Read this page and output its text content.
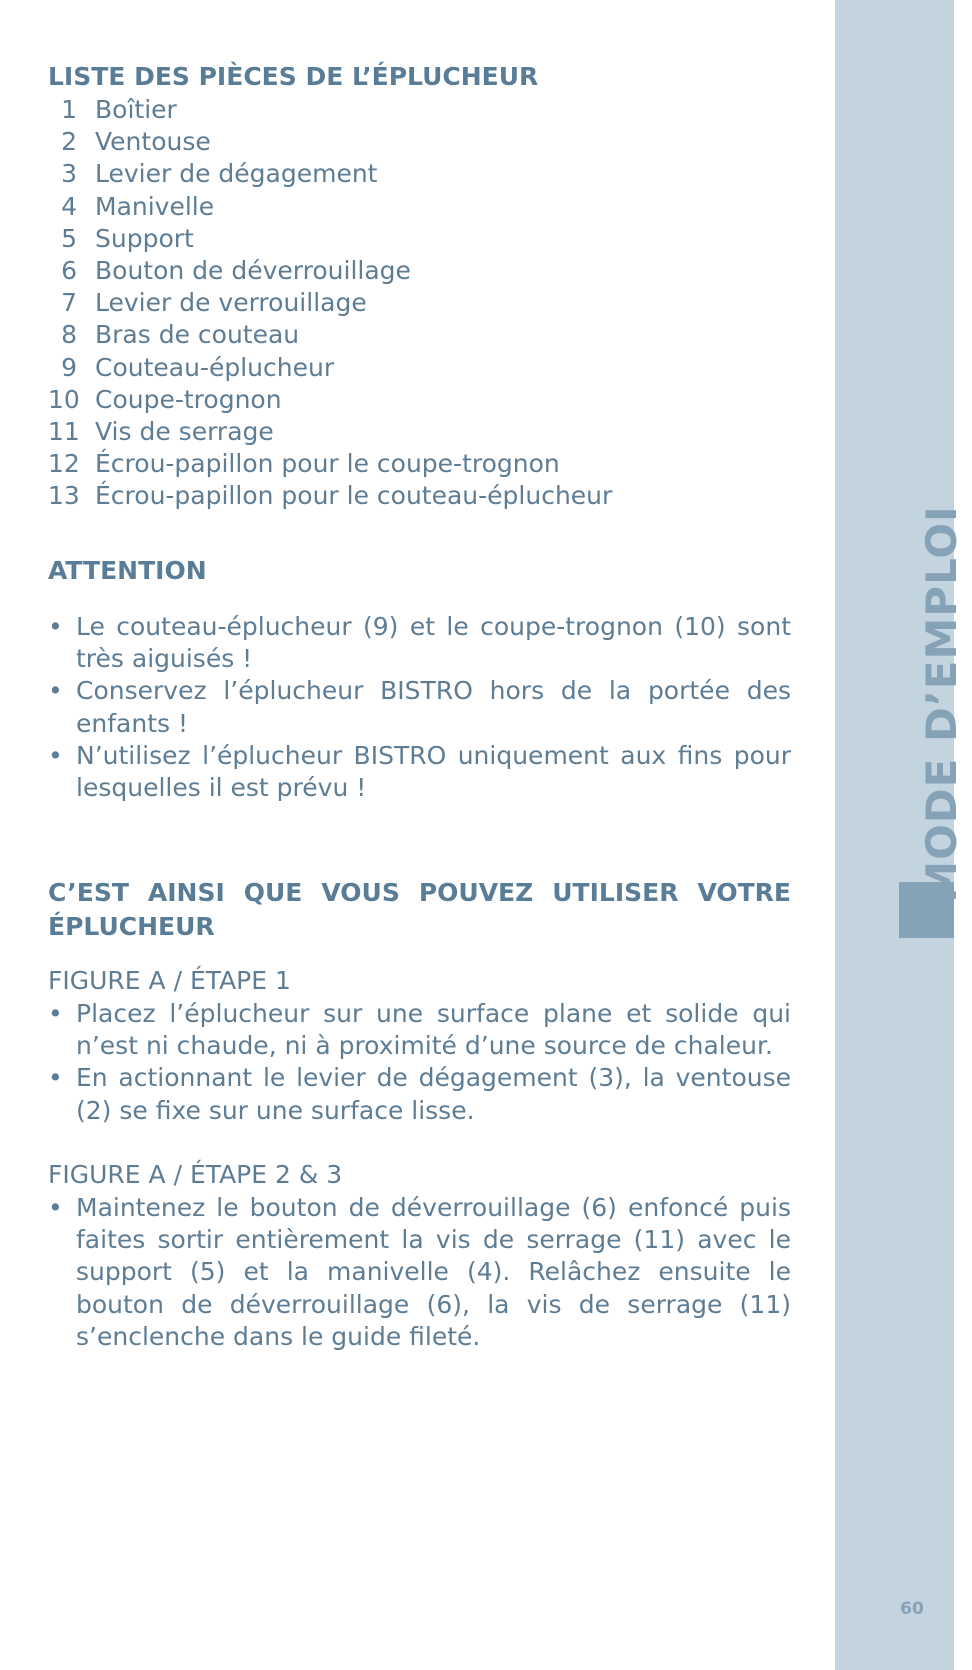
LISTE DES PIÈCES DE L’ÉPLUCHEUR
1 Boîtier
2 Ventouse
3 Levier de dégagement
4 Manivelle
5 Support
6 Bouton de déverrouillage
7 Levier de verrouillage
8 Bras de couteau
9 Couteau-éplucheur
10 Coupe-trognon
11 Vis de serrage
12 Écrou-papillon pour le coupe-trognon
13 Écrou-papillon pour le couteau-éplucheur
ATTENTION
• Le couteau-éplucheur (9) et le coupe-trognon (10) sont très aiguisés !
• Conservez l’éplucheur BISTRO hors de la portée des enfants !
• N’utilisez l’éplucheur BISTRO uniquement aux fins pour lesquelles il est prévu !
C’EST AINSI QUE VOUS POUVEZ UTILISER VOTRE ÉPLUCHEUR
FIGURE A / ÉTAPE 1
• Placez l’éplucheur sur une surface plane et solide qui n’est ni chaude, ni à proximité d’une source de chaleur.
• En actionnant le levier de dégagement (3), la ventouse (2) se fixe sur une surface lisse.
FIGURE A / ÉTAPE 2 & 3
• Maintenez le bouton de déverrouillage (6) enfoncé puis faites sortir entièrement la vis de serrage (11) avec le support (5) et la manivelle (4). Relâchez ensuite le bouton de déverrouillage (6), la vis de serrage (11) s’enclenche dans le guide fileté.
MODE D’EMPLOI
60
